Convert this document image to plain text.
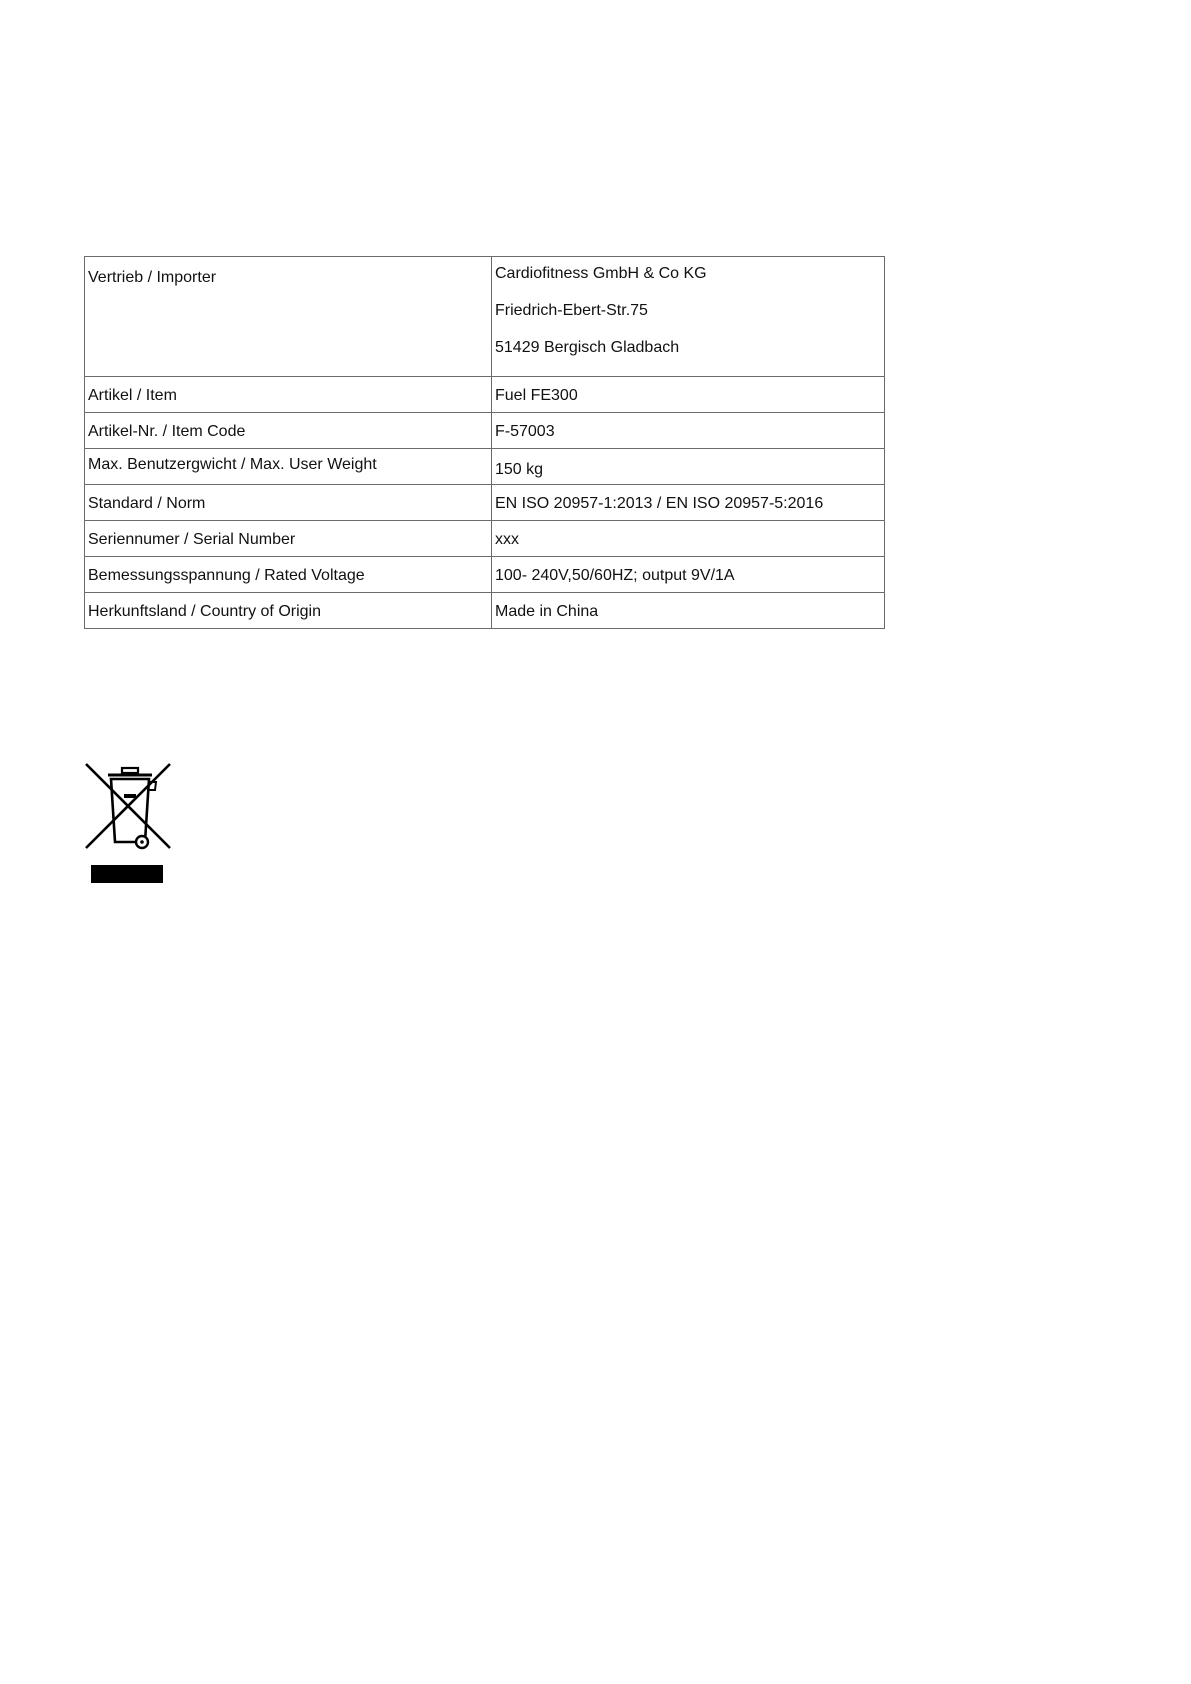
Vertrieb / Importer	Cardiofitness GmbH & Co KG
Friedrich-Ebert-Str.75
51429 Bergisch Gladbach

Artikel / Item	Fuel FE300

Artikel-Nr. / Item Code	F-57003

Max. Benutzergwicht / Max. User Weight	150 kg

Standard / Norm	EN ISO 20957-1:2013 / EN ISO 20957-5:2016

Seriennumer / Serial Number	xxx

Bemessungsspannung / Rated Voltage	100- 240V,50/60HZ; output 9V/1A

Herkunftsland / Country of Origin	Made in China
